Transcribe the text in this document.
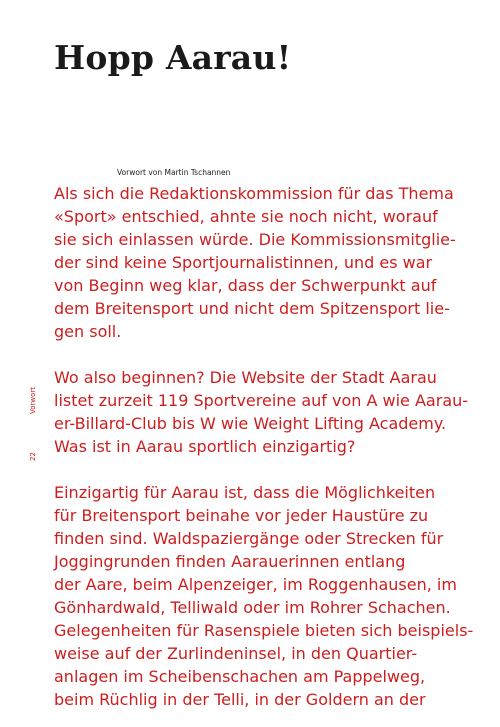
Hopp Aarau!
Vorwort von Martin Tschannen
Vorwort
22

Als sich die Redaktionskommission für das Thema
«Sport» entschied, ahnte sie noch nicht, worauf
sie sich einlassen würde. Die Kommissionsmitglie-
der sind keine Sportjournalistinnen, und es war
von Beginn weg klar, dass der Schwerpunkt auf
dem Breitensport und nicht dem Spitzensport lie-
gen soll.

Wo also beginnen? Die Website der Stadt Aarau
listet zurzeit 119 Sportvereine auf von A wie Aarau-
er-Billard-Club bis W wie Weight Lifting Academy.
Was ist in Aarau sportlich einzigartig?

Einzigartig für Aarau ist, dass die Möglichkeiten
für Breitensport beinahe vor jeder Haustüre zu
finden sind. Waldspaziergänge oder Strecken für
Joggingrunden finden Aarauerinnen entlang
der Aare, beim Alpenzeiger, im Roggenhausen, im
Gönhardwald, Telliwald oder im Rohrer Schachen.
Gelegenheiten für Rasenspiele bieten sich beispiels-
weise auf der Zurlindeninsel, in den Quartier-
anlagen im Scheibenschachen am Pappelweg,
beim Rüchlig in der Telli, in der Goldern an der
